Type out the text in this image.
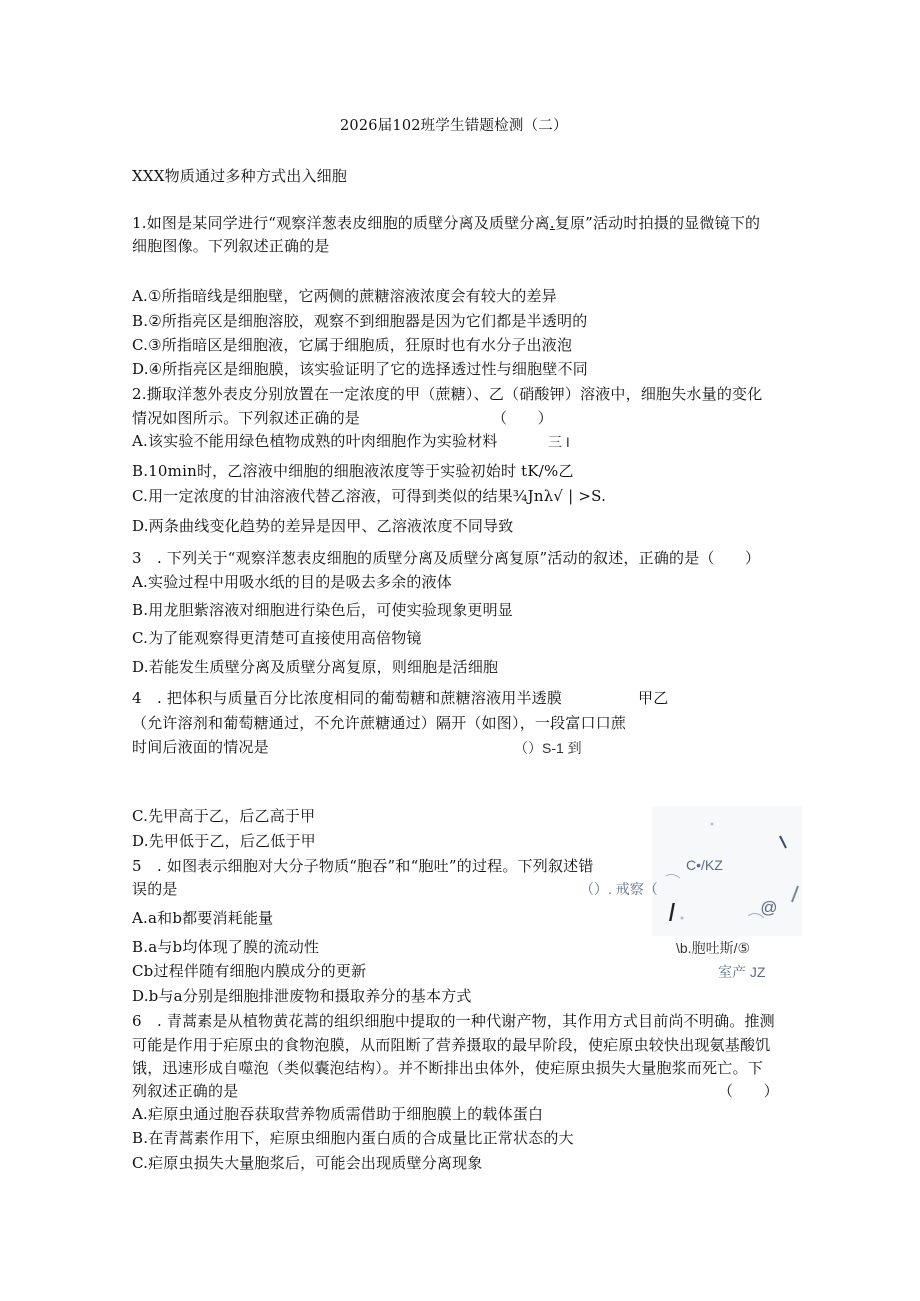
2026届102班学生错题检测（二）
XXX物质通过多种方式出入细胞
1.如图是某同学进行“观察洋葱表皮细胞的质壁分离及质壁分离.复原”活动时拍摄的显微镜下的
细胞图像。下列叙述正确的是
A.①所指暗线是细胞壁，它两侧的蔗糖溶液浓度会有较大的差异
B.②所指亮区是细胞溶胶，观察不到细胞器是因为它们都是半透明的
C.③所指暗区是细胞液，它属于细胞质，狂原时也有水分子出液泡
D.④所指亮区是细胞膜，该实验证明了它的选择透过性与细胞壁不同
2.撕取洋葱外表皮分别放置在一定浓度的甲（蔗糖）、乙（硝酸钾）溶液中，细胞失水量的变化
情况如图所示。下列叙述正确的是	（　　）
A.该实验不能用绿色植物成熟的叶肉细胞作为实验材料	三 I
B.10min时，乙溶液中细胞的细胞液浓度等于实验初始时 tK/%乙
C.用一定浓度的甘油溶液代替乙溶液，可得到类似的结果¾Jnλ√ | >S.
D.两条曲线变化趋势的差异是因甲、乙溶液浓度不同导致
3　. 下列关于“观察洋葱表皮细胞的质壁分离及质壁分离复原”活动的叙述，正确的是（　　）
A.实验过程中用吸水纸的目的是吸去多余的液体
B.用龙胆紫溶液对细胞进行染色后，可使实验现象更明显
C.为了能观察得更清楚可直接使用高倍物镜
D.若能发生质壁分离及质壁分离复原，则细胞是活细胞
4　. 把体积与质量百分比浓度相同的葡萄糖和蔗糖溶液用半透膜	甲乙
（允许溶剂和葡萄糖通过，不允许蔗糖通过）隔开（如图），一段富口口蔗
时间后液面的情况是	（）S-1 到
C.先甲高于乙，后乙高于甲
D.先甲低于乙，后乙低于甲
5　. 如图表示细胞对大分子物质“胞吞”和“胞吐”的过程。下列叙述错	C•/KZ
误的是	（）. 戒察（
I	@
A.a和b都要消耗能量
B.a与b均体现了膜的流动性	\b.胞吐斯/⑤
Cb过程伴随有细胞内膜成分的更新	室产 JZ
D.b与a分别是细胞排泄废物和摄取养分的基本方式
6　. 青蒿素是从植物黄花蒿的组织细胞中提取的一种代谢产物，其作用方式目前尚不明确。推测
可能是作用于疟原虫的食物泡膜，从而阻断了营养摄取的最早阶段，使疟原虫较快出现氨基酸饥
饿，迅速形成自噬泡（类似囊泡结构）。并不断排出虫体外，使疟原虫损失大量胞浆而死亡。下
列叙述正确的是	（　　）
A.疟原虫通过胞吞获取营养物质需借助于细胞膜上的载体蛋白
B.在青蒿素作用下，疟原虫细胞内蛋白质的合成量比正常状态的大
C.疟原虫损失大量胞浆后，可能会出现质壁分离现象
